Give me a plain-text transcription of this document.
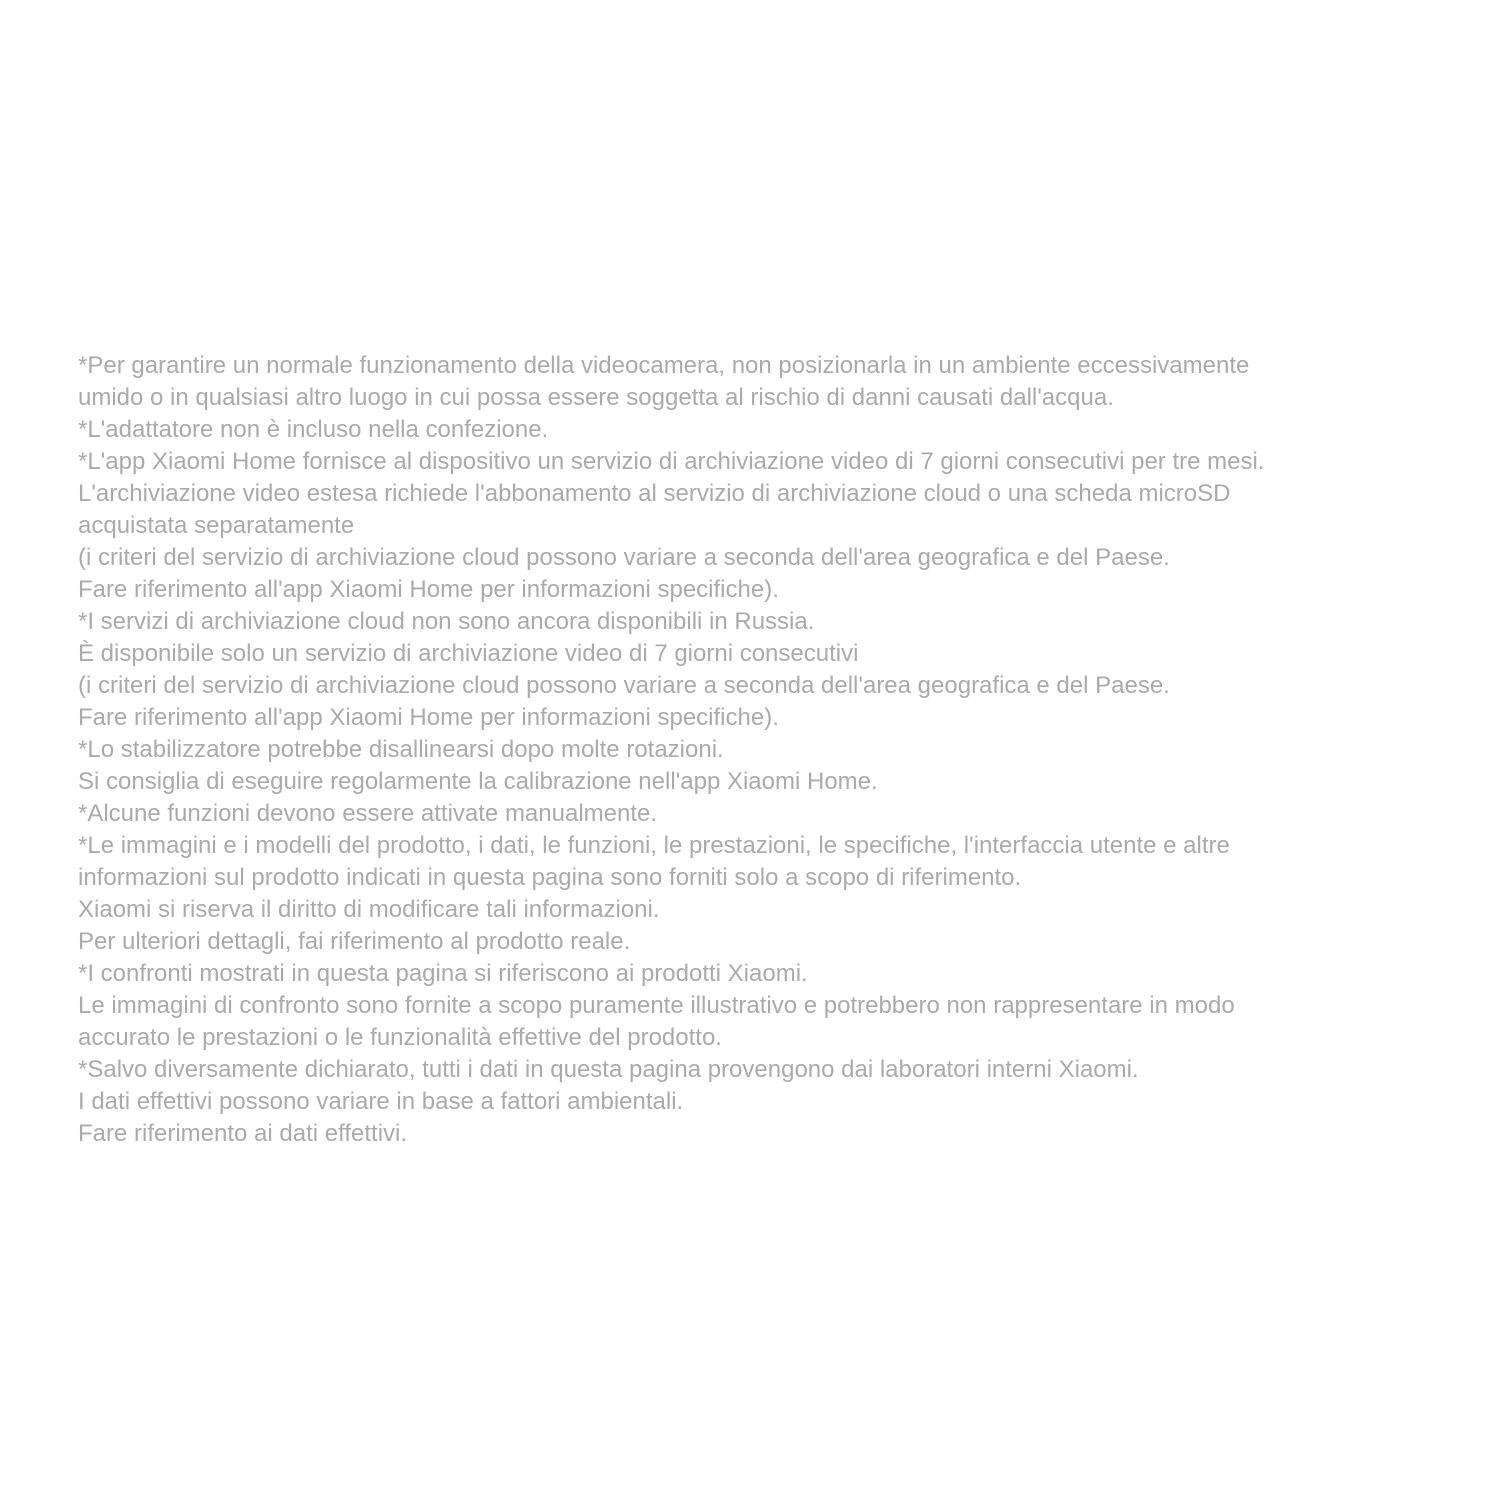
*Per garantire un normale funzionamento della videocamera, non posizionarla in un ambiente eccessivamente
umido o in qualsiasi altro luogo in cui possa essere soggetta al rischio di danni causati dall'acqua.
*L'adattatore non è incluso nella confezione.
*L'app Xiaomi Home fornisce al dispositivo un servizio di archiviazione video di 7 giorni consecutivi per tre mesi.
L'archiviazione video estesa richiede l'abbonamento al servizio di archiviazione cloud o una scheda microSD
acquistata separatamente
(i criteri del servizio di archiviazione cloud possono variare a seconda dell'area geografica e del Paese.
Fare riferimento all'app Xiaomi Home per informazioni specifiche).
*I servizi di archiviazione cloud non sono ancora disponibili in Russia.
È disponibile solo un servizio di archiviazione video di 7 giorni consecutivi
(i criteri del servizio di archiviazione cloud possono variare a seconda dell'area geografica e del Paese.
Fare riferimento all'app Xiaomi Home per informazioni specifiche).
*Lo stabilizzatore potrebbe disallinearsi dopo molte rotazioni.
Si consiglia di eseguire regolarmente la calibrazione nell'app Xiaomi Home.
*Alcune funzioni devono essere attivate manualmente.
*Le immagini e i modelli del prodotto, i dati, le funzioni, le prestazioni, le specifiche, l'interfaccia utente e altre
informazioni sul prodotto indicati in questa pagina sono forniti solo a scopo di riferimento.
Xiaomi si riserva il diritto di modificare tali informazioni.
Per ulteriori dettagli, fai riferimento al prodotto reale.
*I confronti mostrati in questa pagina si riferiscono ai prodotti Xiaomi.
Le immagini di confronto sono fornite a scopo puramente illustrativo e potrebbero non rappresentare in modo
accurato le prestazioni o le funzionalità effettive del prodotto.
*Salvo diversamente dichiarato, tutti i dati in questa pagina provengono dai laboratori interni Xiaomi.
I dati effettivi possono variare in base a fattori ambientali.
Fare riferimento ai dati effettivi.
